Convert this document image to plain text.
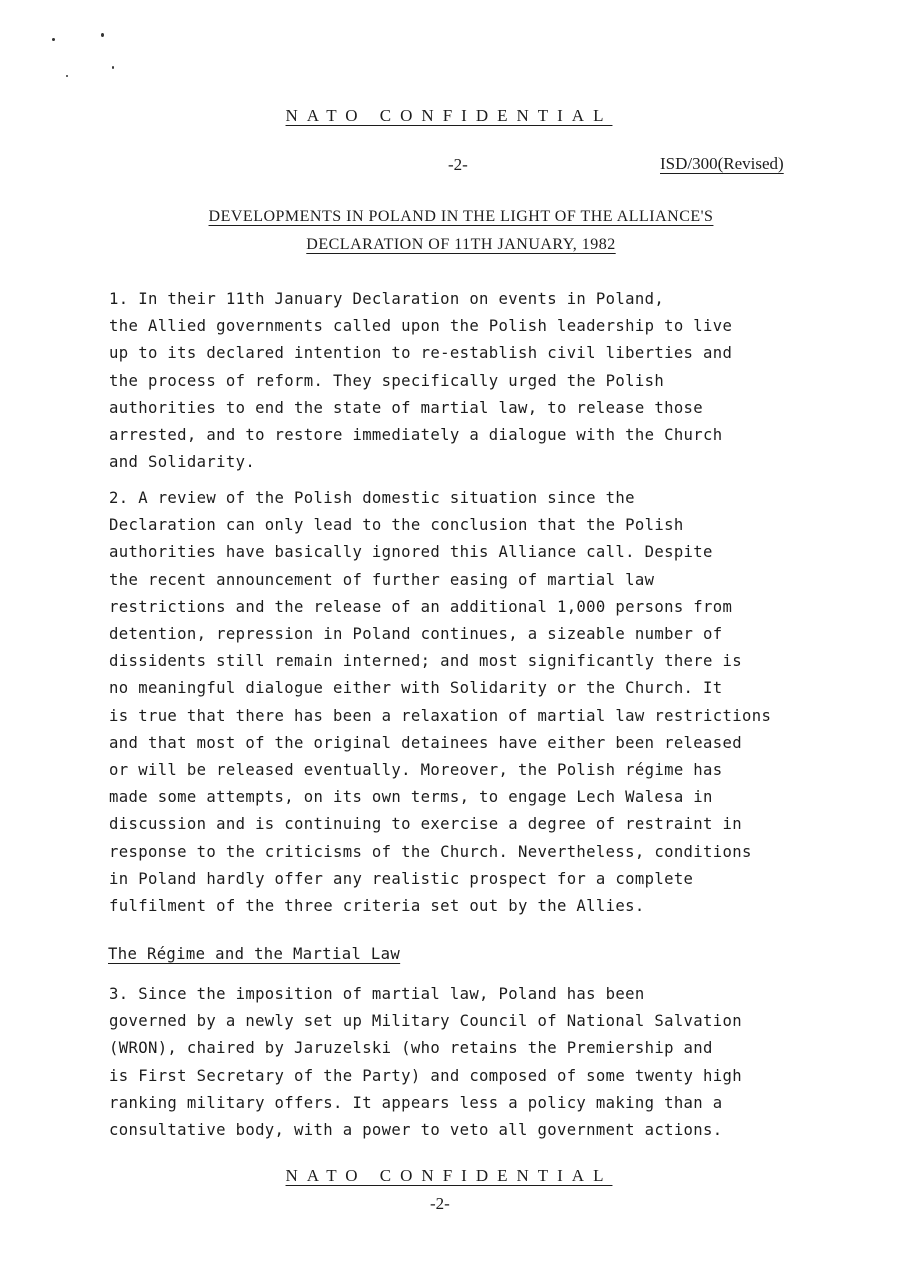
NATO CONFIDENTIAL
-2-	ISD/300(Revised)
DEVELOPMENTS IN POLAND IN THE LIGHT OF THE ALLIANCE'S
DECLARATION OF 11TH JANUARY, 1982

1. In their 11th January Declaration on events in Poland,
the Allied governments called upon the Polish leadership to live
up to its declared intention to re-establish civil liberties and
the process of reform. They specifically urged the Polish
authorities to end the state of martial law, to release those
arrested, and to restore immediately a dialogue with the Church
and Solidarity.

2. A review of the Polish domestic situation since the
Declaration can only lead to the conclusion that the Polish
authorities have basically ignored this Alliance call. Despite
the recent announcement of further easing of martial law
restrictions and the release of an additional 1,000 persons from
detention, repression in Poland continues, a sizeable number of
dissidents still remain interned; and most significantly there is
no meaningful dialogue either with Solidarity or the Church. It
is true that there has been a relaxation of martial law restrictions
and that most of the original detainees have either been released
or will be released eventually. Moreover, the Polish régime has
made some attempts, on its own terms, to engage Lech Walesa in
discussion and is continuing to exercise a degree of restraint in
response to the criticisms of the Church. Nevertheless, conditions
in Poland hardly offer any realistic prospect for a complete
fulfilment of the three criteria set out by the Allies.

The Régime and the Martial Law

3. Since the imposition of martial law, Poland has been
governed by a newly set up Military Council of National Salvation
(WRON), chaired by Jaruzelski (who retains the Premiership and
is First Secretary of the Party) and composed of some twenty high
ranking military offers. It appears less a policy making than a
consultative body, with a power to veto all government actions.

NATO CONFIDENTIAL
-2-
